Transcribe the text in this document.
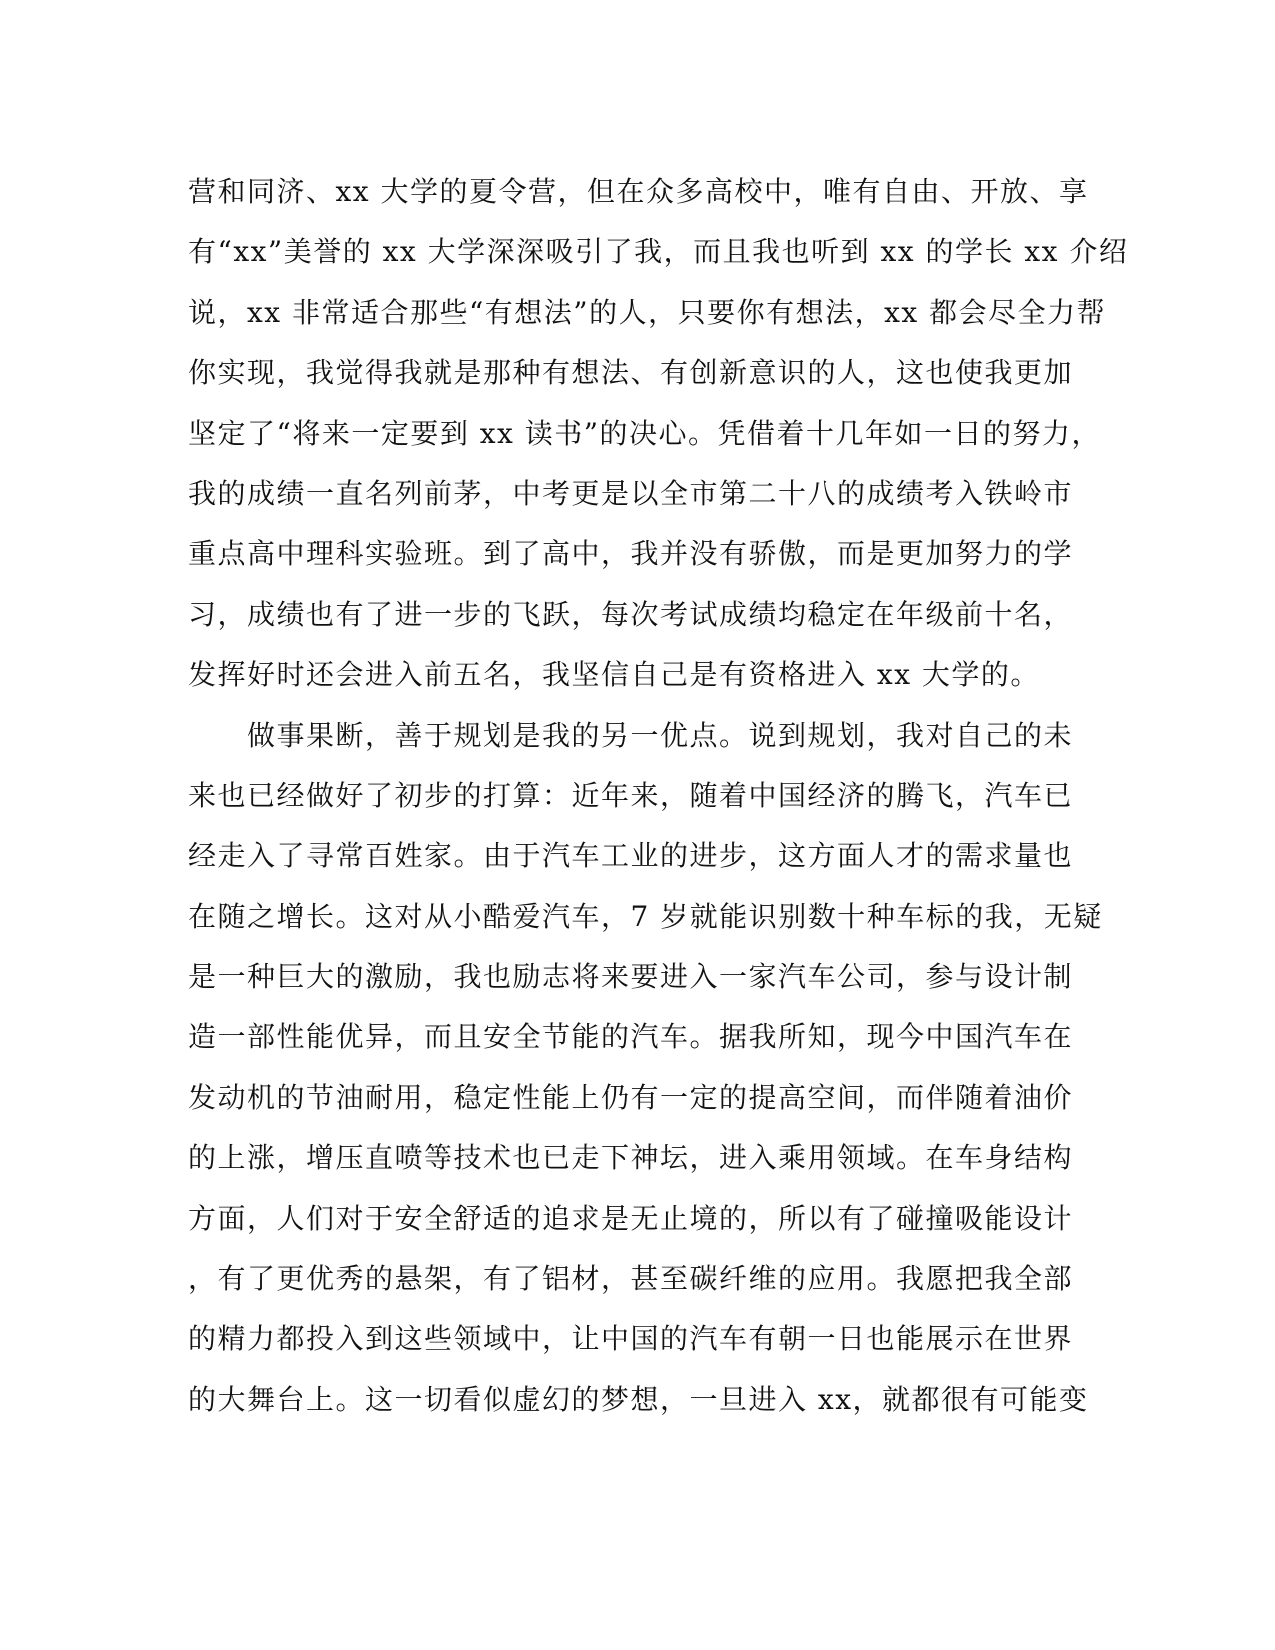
营和同济、xx 大学的夏令营，但在众多高校中，唯有自由、开放、享
有“xx”美誉的 xx 大学深深吸引了我，而且我也听到 xx 的学长 xx 介绍
说，xx 非常适合那些“有想法”的人，只要你有想法，xx 都会尽全力帮
你实现，我觉得我就是那种有想法、有创新意识的人，这也使我更加
坚定了“将来一定要到 xx 读书”的决心。凭借着十几年如一日的努力，
我的成绩一直名列前茅，中考更是以全市第二十八的成绩考入铁岭市
重点高中理科实验班。到了高中，我并没有骄傲，而是更加努力的学
习，成绩也有了进一步的飞跃，每次考试成绩均稳定在年级前十名，
发挥好时还会进入前五名，我坚信自己是有资格进入 xx 大学的。
　　做事果断，善于规划是我的另一优点。说到规划，我对自己的未
来也已经做好了初步的打算：近年来，随着中国经济的腾飞，汽车已
经走入了寻常百姓家。由于汽车工业的进步，这方面人才的需求量也
在随之增长。这对从小酷爱汽车，7 岁就能识别数十种车标的我，无疑
是一种巨大的激励，我也励志将来要进入一家汽车公司，参与设计制
造一部性能优异，而且安全节能的汽车。据我所知，现今中国汽车在
发动机的节油耐用，稳定性能上仍有一定的提高空间，而伴随着油价
的上涨，增压直喷等技术也已走下神坛，进入乘用领域。在车身结构
方面，人们对于安全舒适的追求是无止境的，所以有了碰撞吸能设计
，有了更优秀的悬架，有了铝材，甚至碳纤维的应用。我愿把我全部
的精力都投入到这些领域中，让中国的汽车有朝一日也能展示在世界
的大舞台上。这一切看似虚幻的梦想，一旦进入 xx，就都很有可能变
